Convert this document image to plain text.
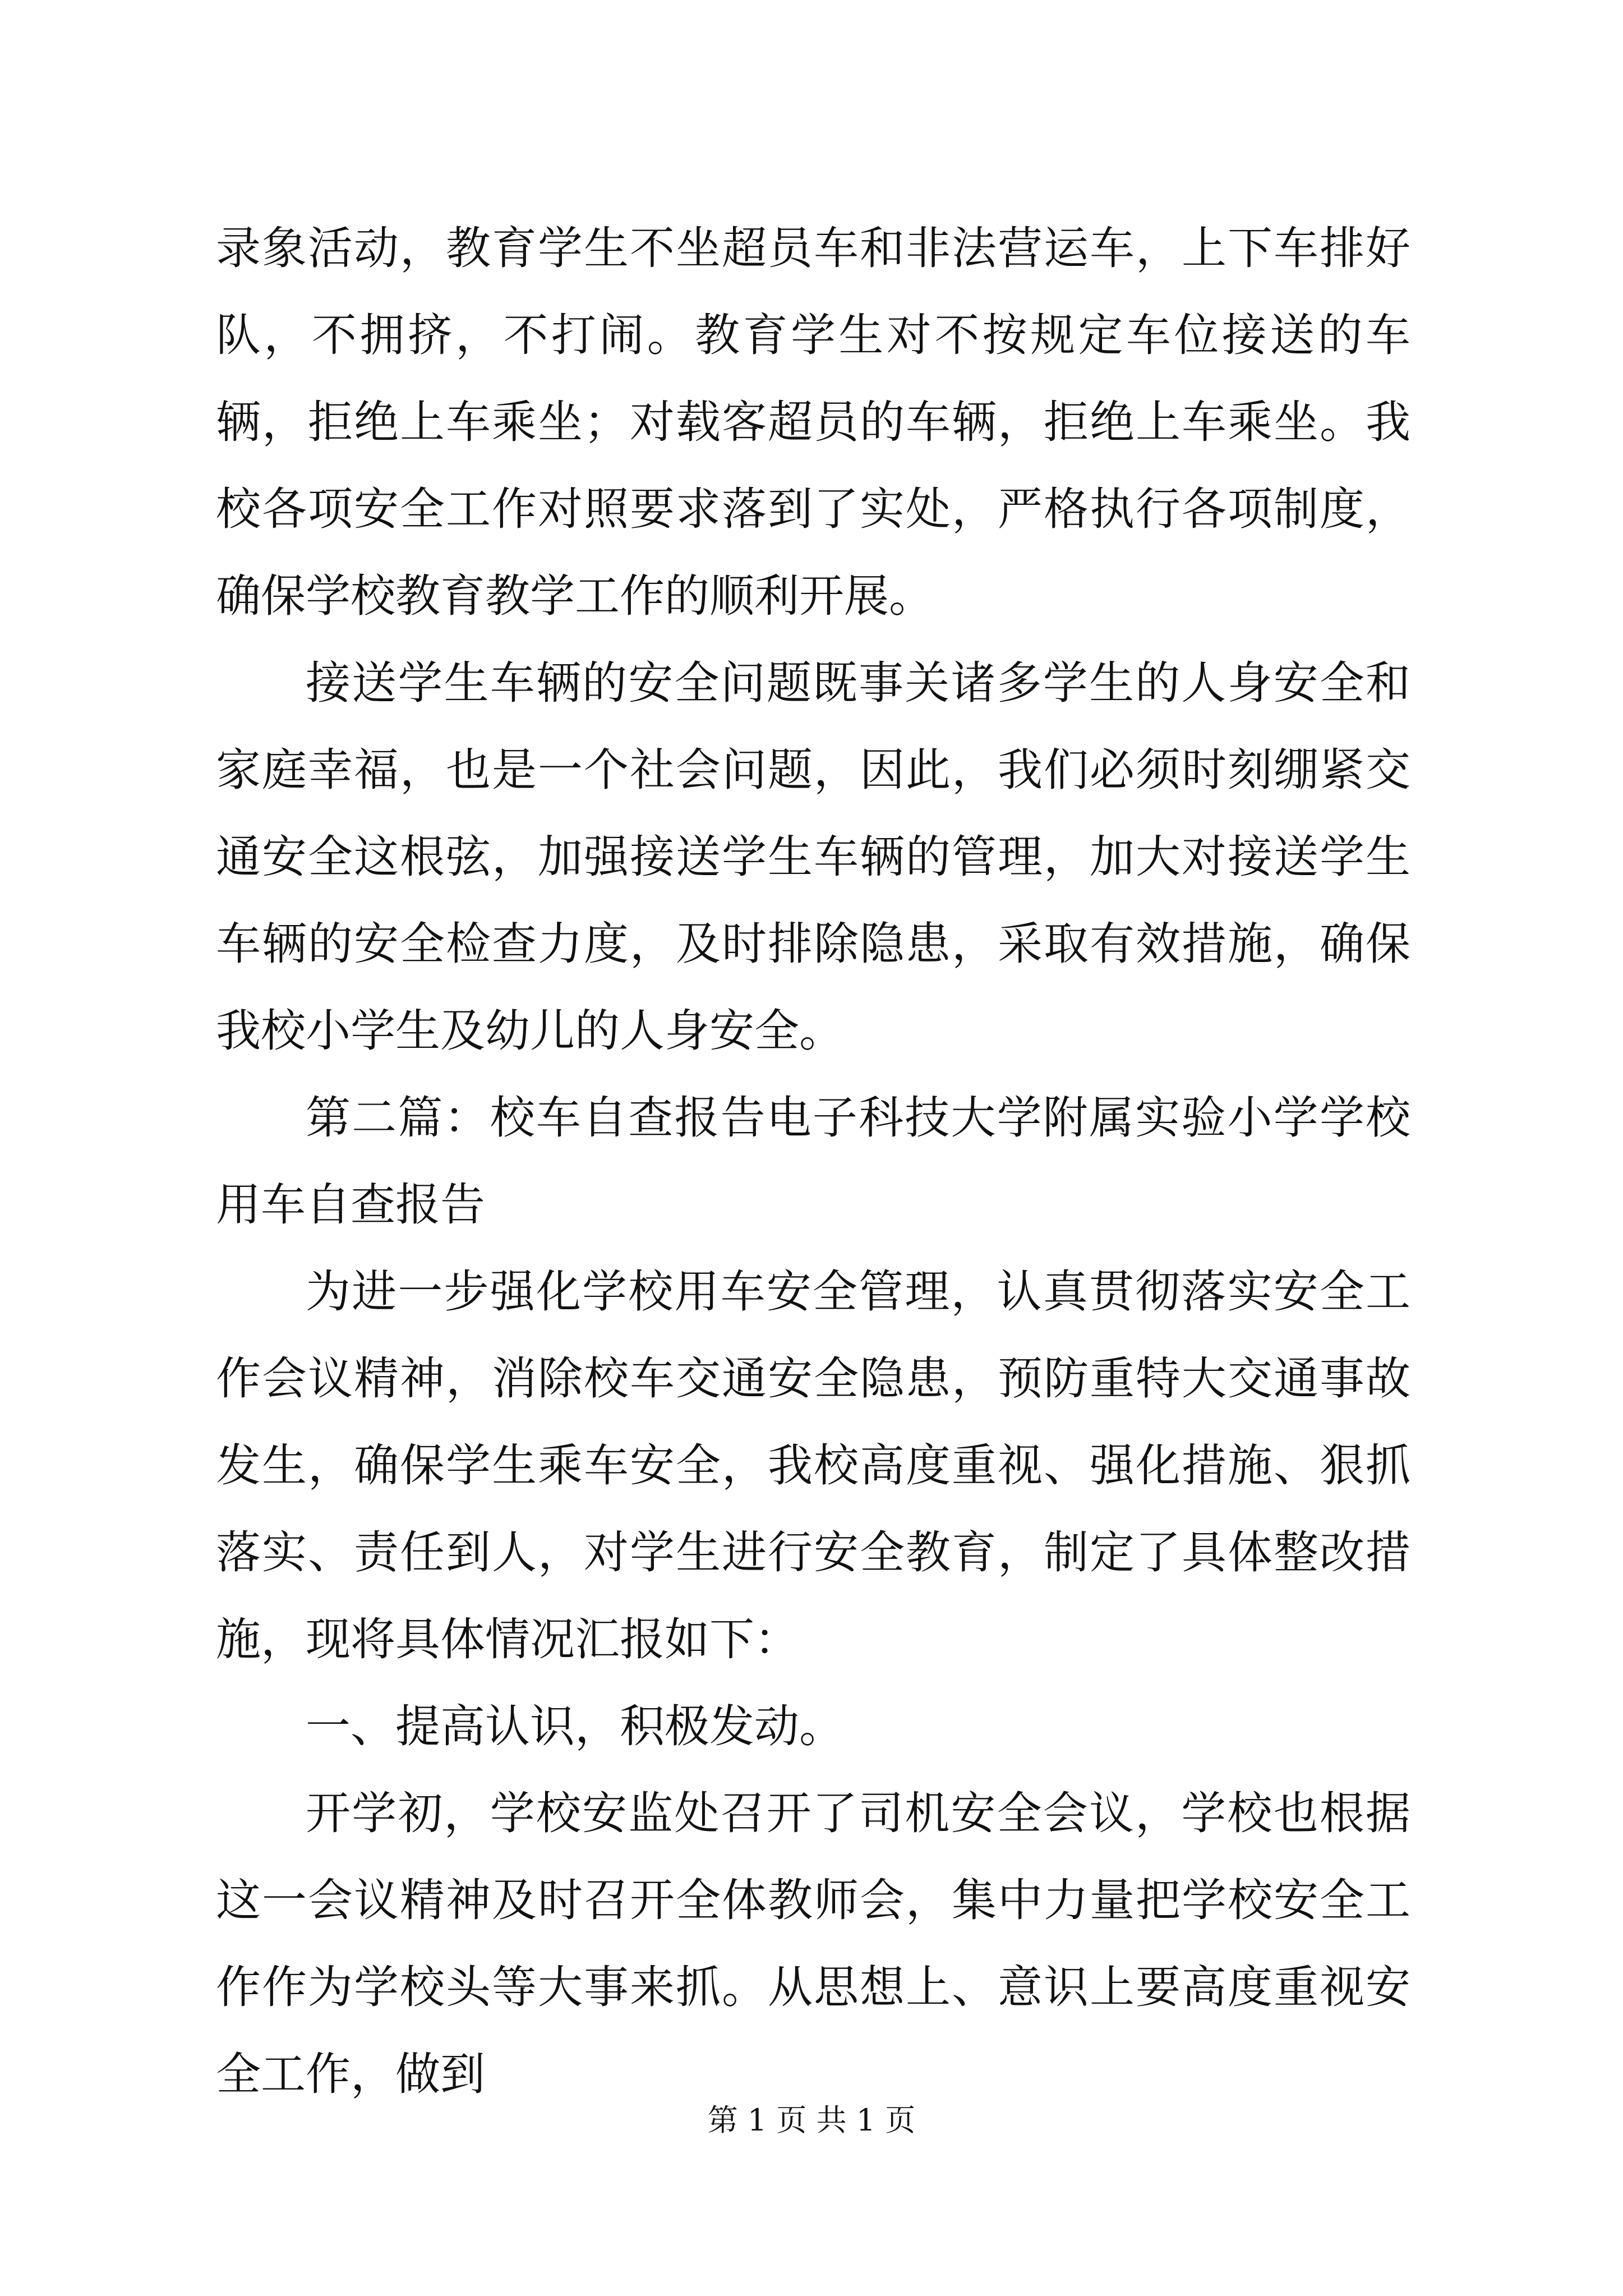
录象活动，教育学生不坐超员车和非法营运车，上下车排好队，不拥挤，不打闹。教育学生对不按规定车位接送的车辆，拒绝上车乘坐；对载客超员的车辆，拒绝上车乘坐。我校各项安全工作对照要求落到了实处，严格执行各项制度，确保学校教育教学工作的顺利开展。

接送学生车辆的安全问题既事关诸多学生的人身安全和家庭幸福，也是一个社会问题，因此，我们必须时刻绷紧交通安全这根弦，加强接送学生车辆的管理，加大对接送学生车辆的安全检查力度，及时排除隐患，采取有效措施，确保我校小学生及幼儿的人身安全。

第二篇：校车自查报告电子科技大学附属实验小学学校用车自查报告

为进一步强化学校用车安全管理，认真贯彻落实安全工作会议精神，消除校车交通安全隐患，预防重特大交通事故发生，确保学生乘车安全，我校高度重视、强化措施、狠抓落实、责任到人，对学生进行安全教育，制定了具体整改措施，现将具体情况汇报如下：

一、提高认识，积极发动。

开学初，学校安监处召开了司机安全会议，学校也根据这一会议精神及时召开全体教师会，集中力量把学校安全工作作为学校头等大事来抓。从思想上、意识上要高度重视安全工作，做到

第 1 页 共 1 页
